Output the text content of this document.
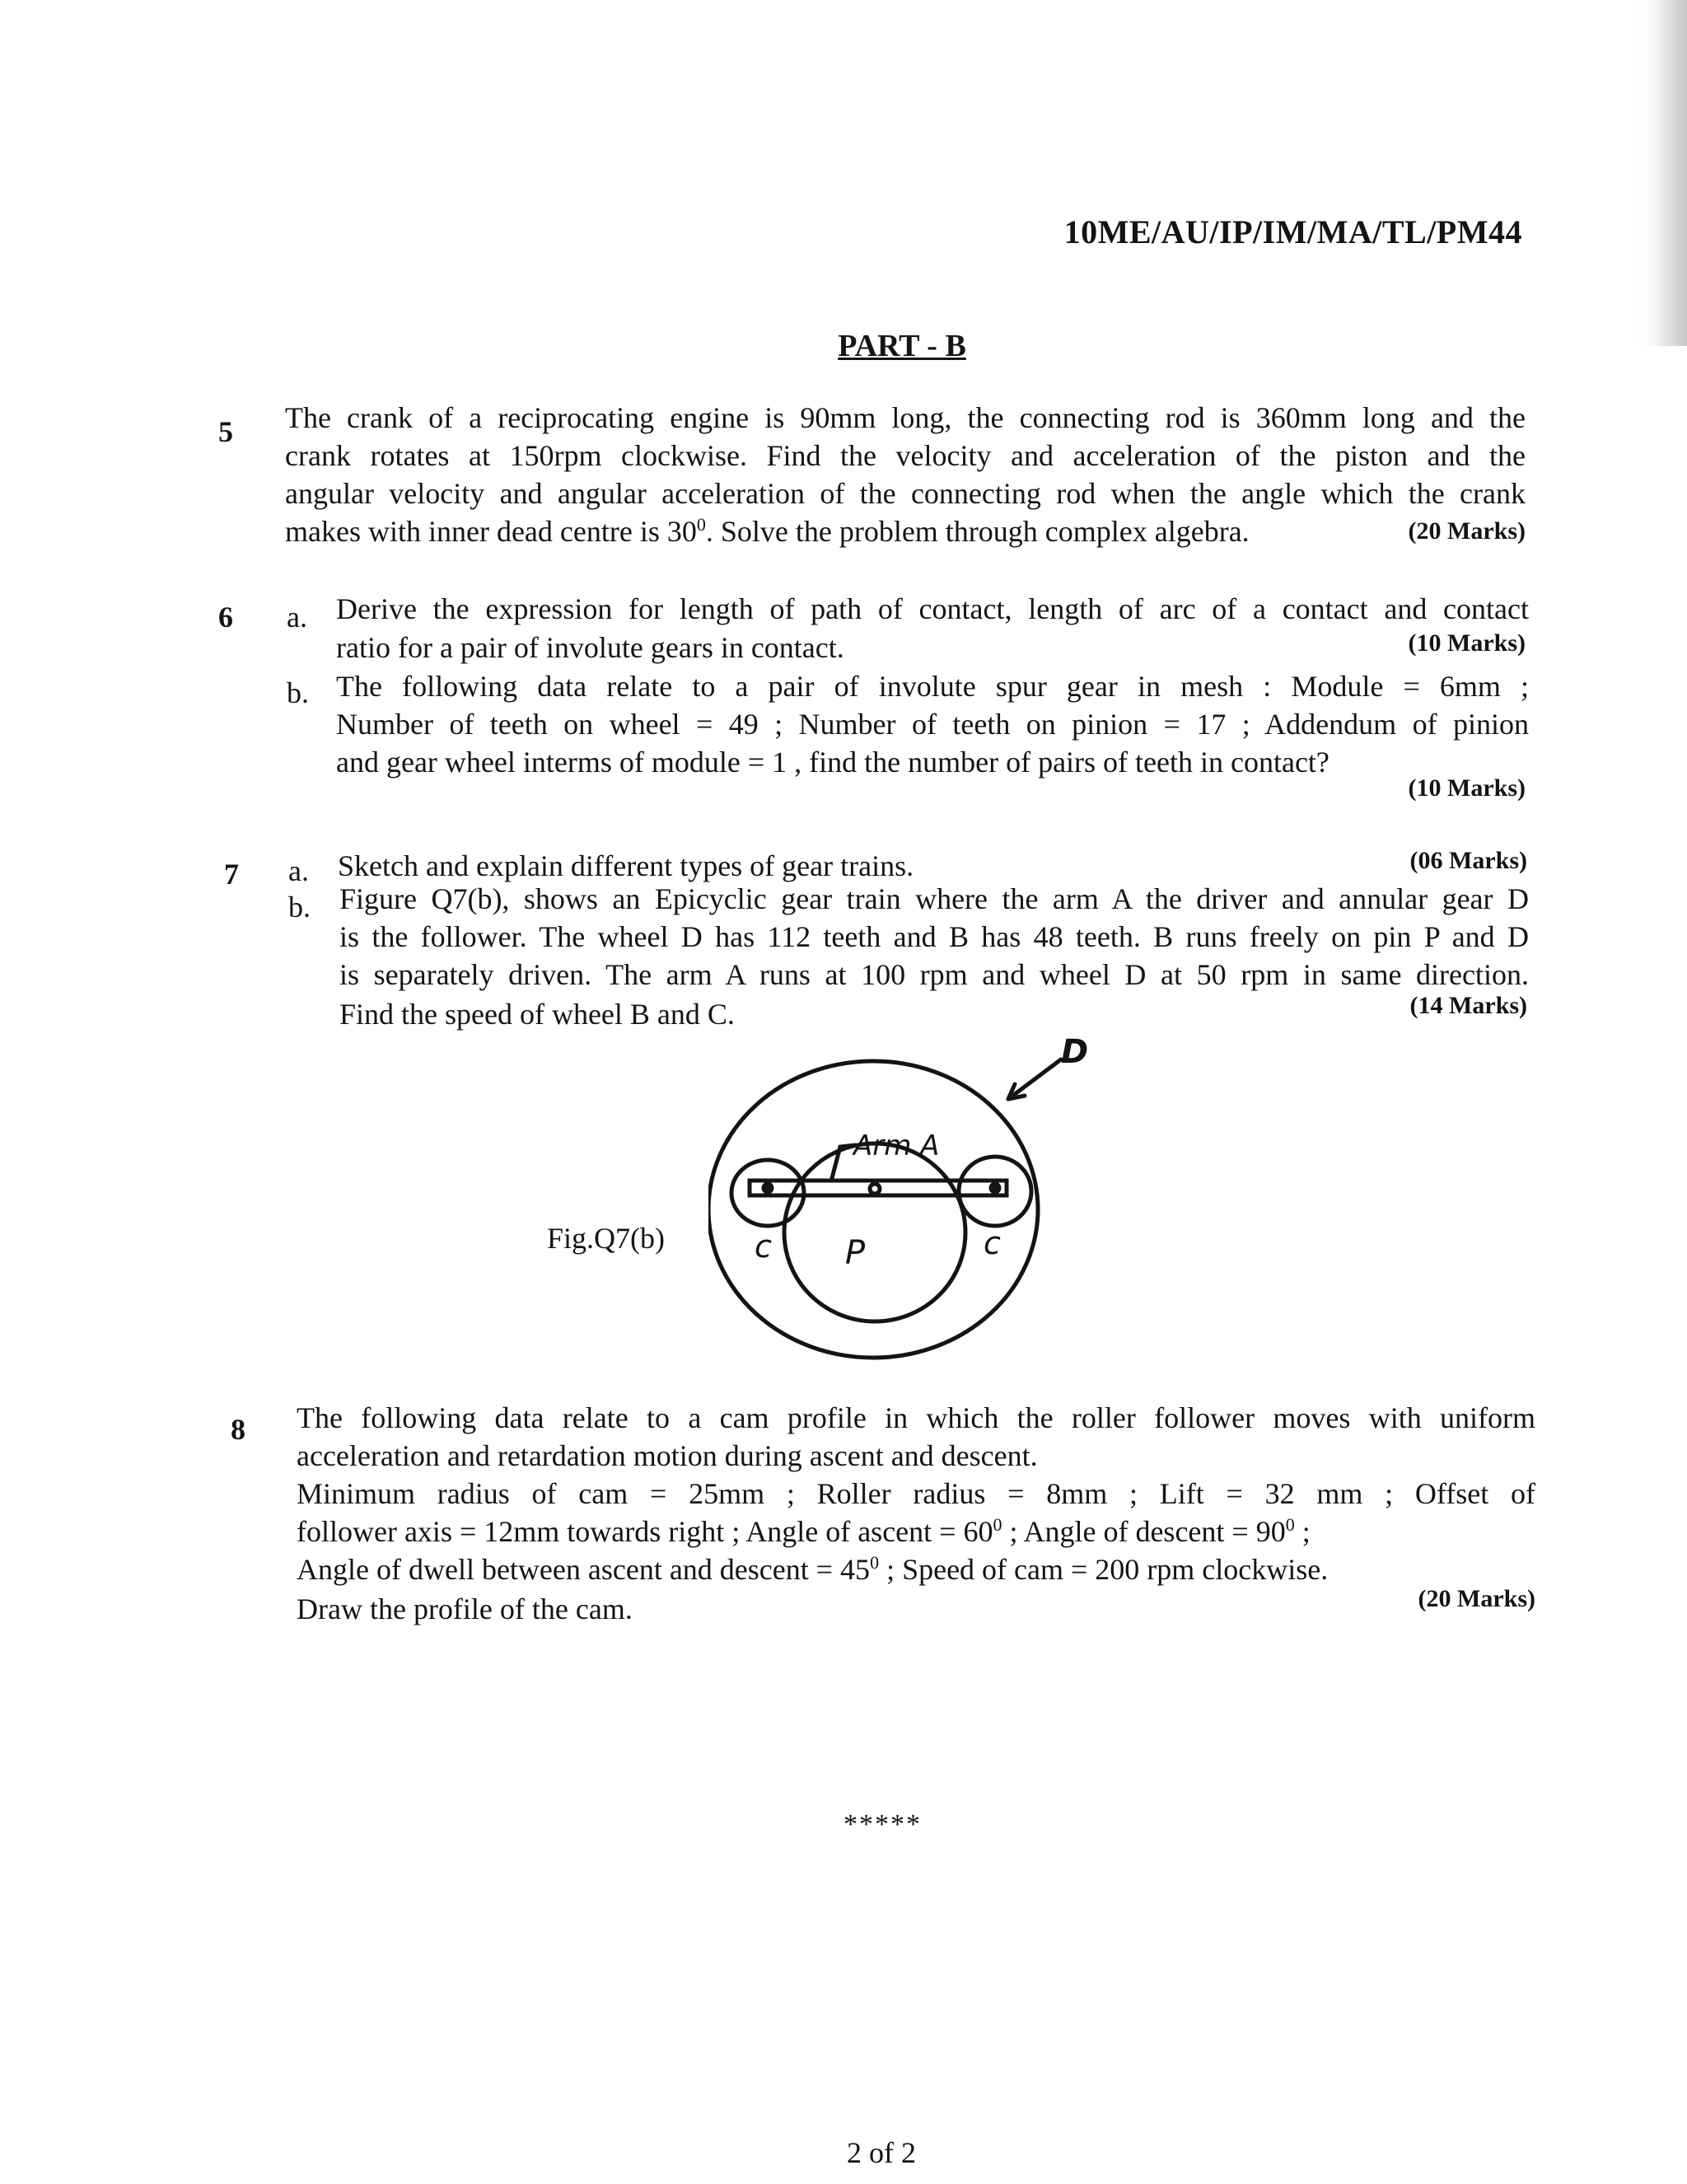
10ME/AU/IP/IM/MA/TL/PM44
PART - B
5 The crank of a reciprocating engine is 90mm long, the connecting rod is 360mm long and the
crank rotates at 150rpm clockwise. Find the velocity and acceleration of the piston and the
angular velocity and angular acceleration of the connecting rod when the angle which the crank
makes with inner dead centre is $30^0$. Solve the problem through complex algebra.	(20 Marks)
6 a. Derive the expression for length of path of contact, length of arc of a contact and contact
ratio for a pair of involute gears in contact.	(10 Marks)
b. The following data relate to a pair of involute spur gear in mesh : Module = 6mm ;
Number of teeth on wheel = 49 ; Number of teeth on pinion = 17 ; Addendum of pinion
and gear wheel interms of module = 1 , find the number of pairs of teeth in contact?
(10 Marks)
7 a. Sketch and explain different types of gear trains.	(06 Marks)
b. Figure Q7(b), shows an Epicyclic gear train where the arm A the driver and annular gear D
is the follower. The wheel D has 112 teeth and B has 48 teeth. B runs freely on pin P and D
is separately driven. The arm A runs at 100 rpm and wheel D at 50 rpm in same direction.
Find the speed of wheel B and C.	(14 Marks)
Fig.Q7(b)
Arm A
D
P
c	c
8 The following data relate to a cam profile in which the roller follower moves with uniform
acceleration and retardation motion during ascent and descent.
Minimum radius of cam = 25mm ; Roller radius = 8mm ; Lift = 32 mm ; Offset of
follower axis = 12mm towards right ; Angle of ascent = $60^0$ ; Angle of descent = $90^0$ ;
Angle of dwell between ascent and descent = $45^0$ ; Speed of cam = 200 rpm clockwise.
Draw the profile of the cam.	(20 Marks)
*****
2 of 2
